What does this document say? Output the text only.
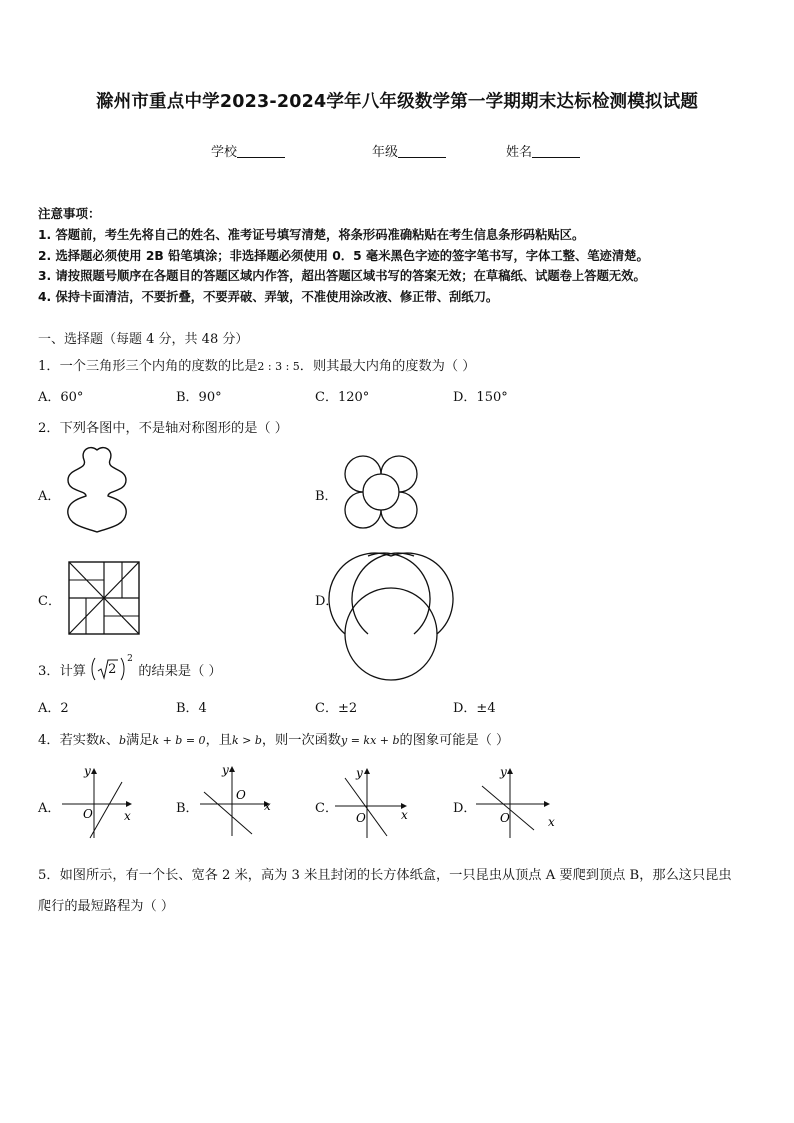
滁州市重点中学2023-2024学年八年级数学第一学期期末达标检测模拟试题
学校	年级	姓名
注意事项：
1. 答题前，考生先将自己的姓名、准考证号填写清楚，将条形码准确粘贴在考生信息条形码粘贴区。
2. 选择题必须使用 2B 铅笔填涂；非选择题必须使用 0．5 毫米黑色字迹的签字笔书写，字体工整、笔迹清楚。
3. 请按照题号顺序在各题目的答题区域内作答，超出答题区域书写的答案无效；在草稿纸、试题卷上答题无效。
4. 保持卡面清洁，不要折叠，不要弄破、弄皱，不准使用涂改液、修正带、刮纸刀。
一、选择题（每题 4 分，共 48 分）
1．一个三角形三个内角的度数的比是2 : 3 : 5．则其最大内角的度数为（ ）
A．60°	B．90°	C．120°	D．150°
2．下列各图中，不是轴对称图形的是（ ）
A．	B．
C．	D．
3．计算 2
2
的结果是（ ）
A．2	B．4	C．±2	D．±4
4．若实数k、b满足k + b = 0，且k > b，则一次函数y = kx + b的图象可能是（ ）
A．
y
O	x	B．
y
O
x	C．
y
O	x	D．
y
O	x
5．如图所示，有一个长、宽各 2 米，高为 3 米且封闭的长方体纸盒，一只昆虫从顶点 A 要爬到顶点 B，那么这只昆虫
爬行的最短路程为（ ）
